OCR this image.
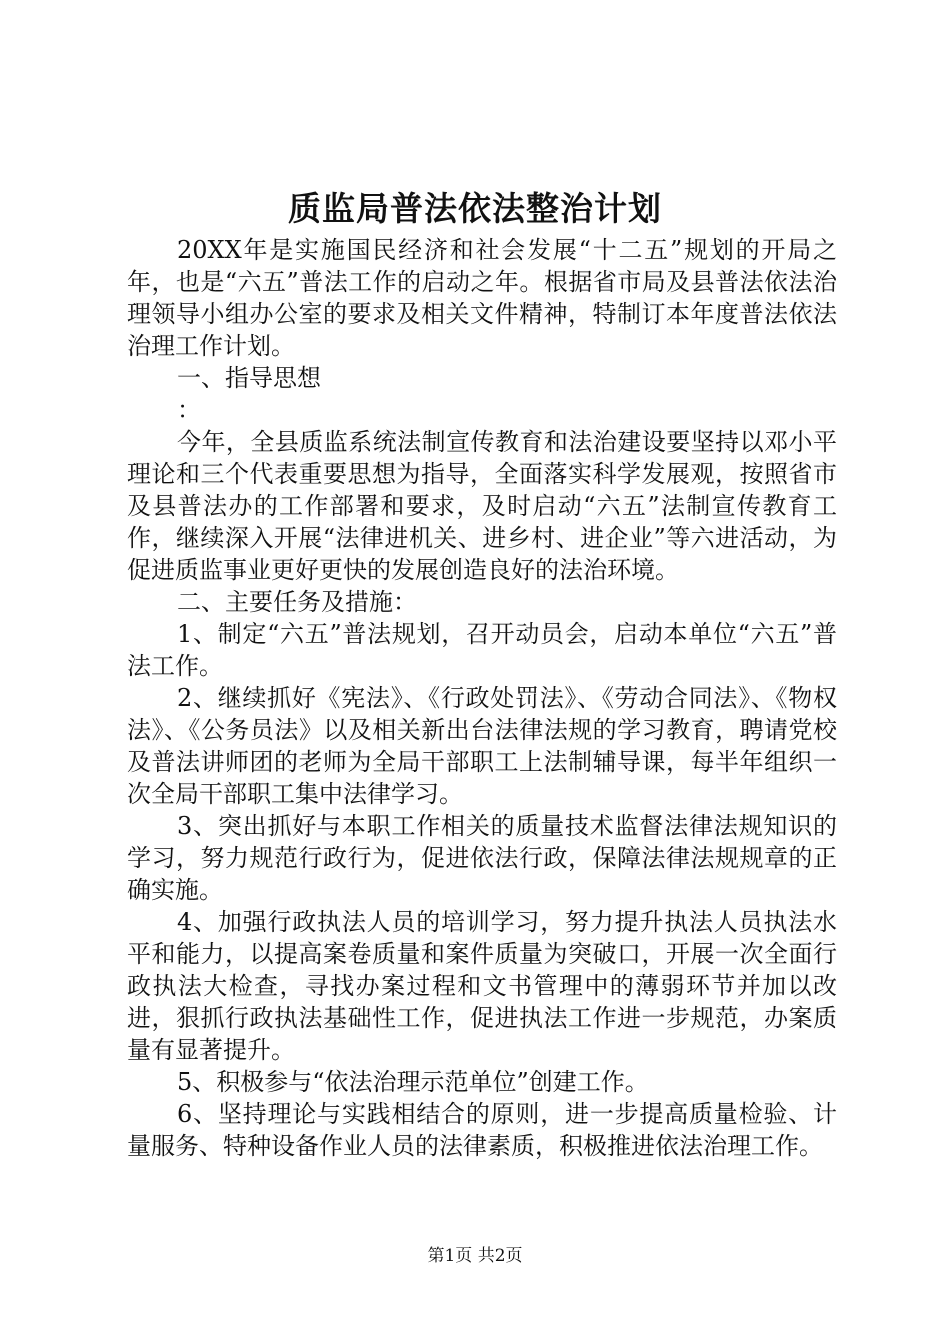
质监局普法依法整治计划

20XX年是实施国民经济和社会发展“十二五”规划的开局之年，也是“六五”普法工作的启动之年。根据省市局及县普法依法治理领导小组办公室的要求及相关文件精神，特制订本年度普法依法治理工作计划。

一、指导思想

：

今年，全县质监系统法制宣传教育和法治建设要坚持以邓小平理论和三个代表重要思想为指导，全面落实科学发展观，按照省市及县普法办的工作部署和要求，及时启动“六五”法制宣传教育工作，继续深入开展“法律进机关、进乡村、进企业”等六进活动，为促进质监事业更好更快的发展创造良好的法治环境。

二、主要任务及措施：

1、制定“六五”普法规划，召开动员会，启动本单位“六五”普法工作。

2、继续抓好《宪法》、《行政处罚法》、《劳动合同法》、《物权法》、《公务员法》以及相关新出台法律法规的学习教育，聘请党校及普法讲师团的老师为全局干部职工上法制辅导课，每半年组织一次全局干部职工集中法律学习。

3、突出抓好与本职工作相关的质量技术监督法律法规知识的学习，努力规范行政行为，促进依法行政，保障法律法规规章的正确实施。

4、加强行政执法人员的培训学习，努力提升执法人员执法水平和能力，以提高案卷质量和案件质量为突破口，开展一次全面行政执法大检查，寻找办案过程和文书管理中的薄弱环节并加以改进，狠抓行政执法基础性工作，促进执法工作进一步规范，办案质量有显著提升。

5、积极参与“依法治理示范单位”创建工作。

6、坚持理论与实践相结合的原则，进一步提高质量检验、计量服务、特种设备作业人员的法律素质，积极推进依法治理工作。

第1页 共2页
